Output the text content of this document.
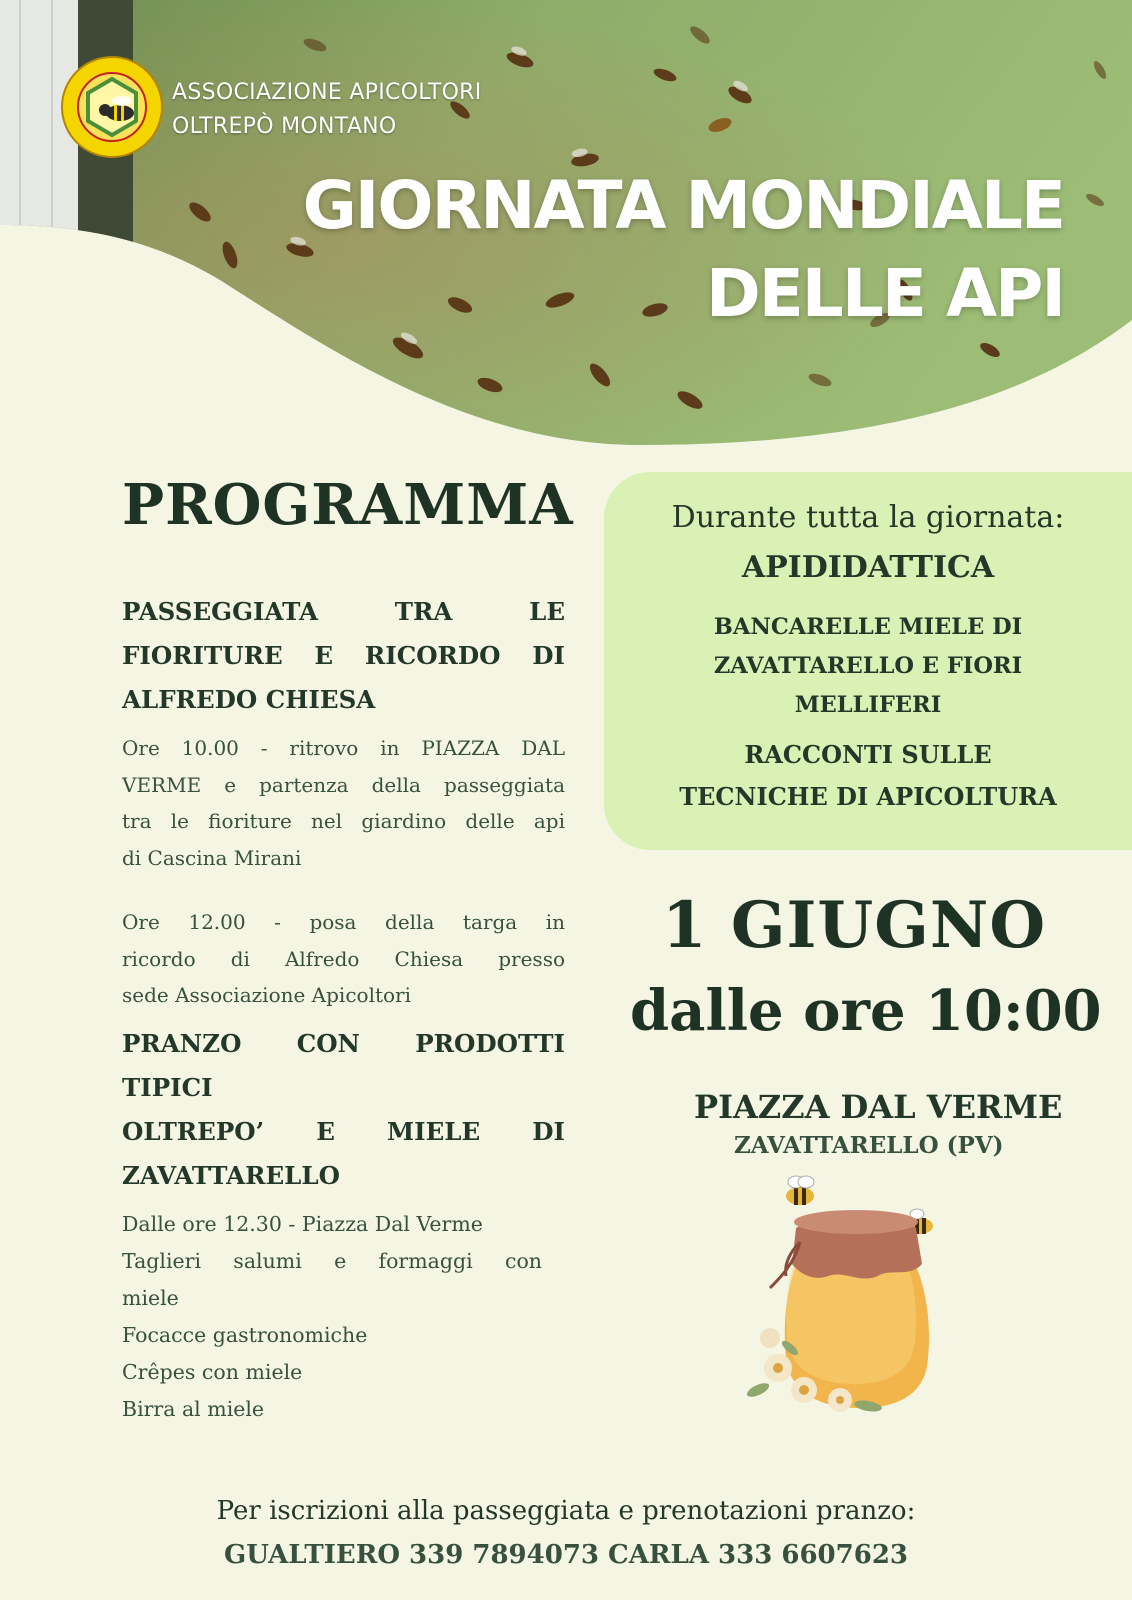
ASSOCIAZIONE APICOLTORI
OLTREPÒ MONTANO
GIORNATA MONDIALE
DELLE API
PROGRAMMA
PASSEGGIATA TRA LE
FIORITURE E RICORDO DI
ALFREDO CHIESA
Ore 10.00 - ritrovo in PIAZZA DAL
VERME e partenza della passeggiata
tra le fioriture nel giardino delle api
di Cascina Mirani
Ore 12.00 - posa della targa in
ricordo di Alfredo Chiesa presso
sede Associazione Apicoltori
PRANZO CON PRODOTTI TIPICI
OLTREPO’ E MIELE DI
ZAVATTARELLO
Dalle ore 12.30 - Piazza Dal Verme
Taglieri salumi e formaggi con
miele
Focacce gastronomiche
Crêpes con miele
Birra al miele
Durante tutta la giornata:
APIDIDATTICA
BANCARELLE MIELE DI
ZAVATTARELLO E FIORI
MELLIFERI
RACCONTI SULLE
TECNICHE DI APICOLTURA
1 GIUGNO
dalle ore 10:00
PIAZZA DAL VERME
ZAVATTARELLO (PV)
Per iscrizioni alla passeggiata e prenotazioni pranzo:
GUALTIERO 339 7894073 CARLA 333 6607623
